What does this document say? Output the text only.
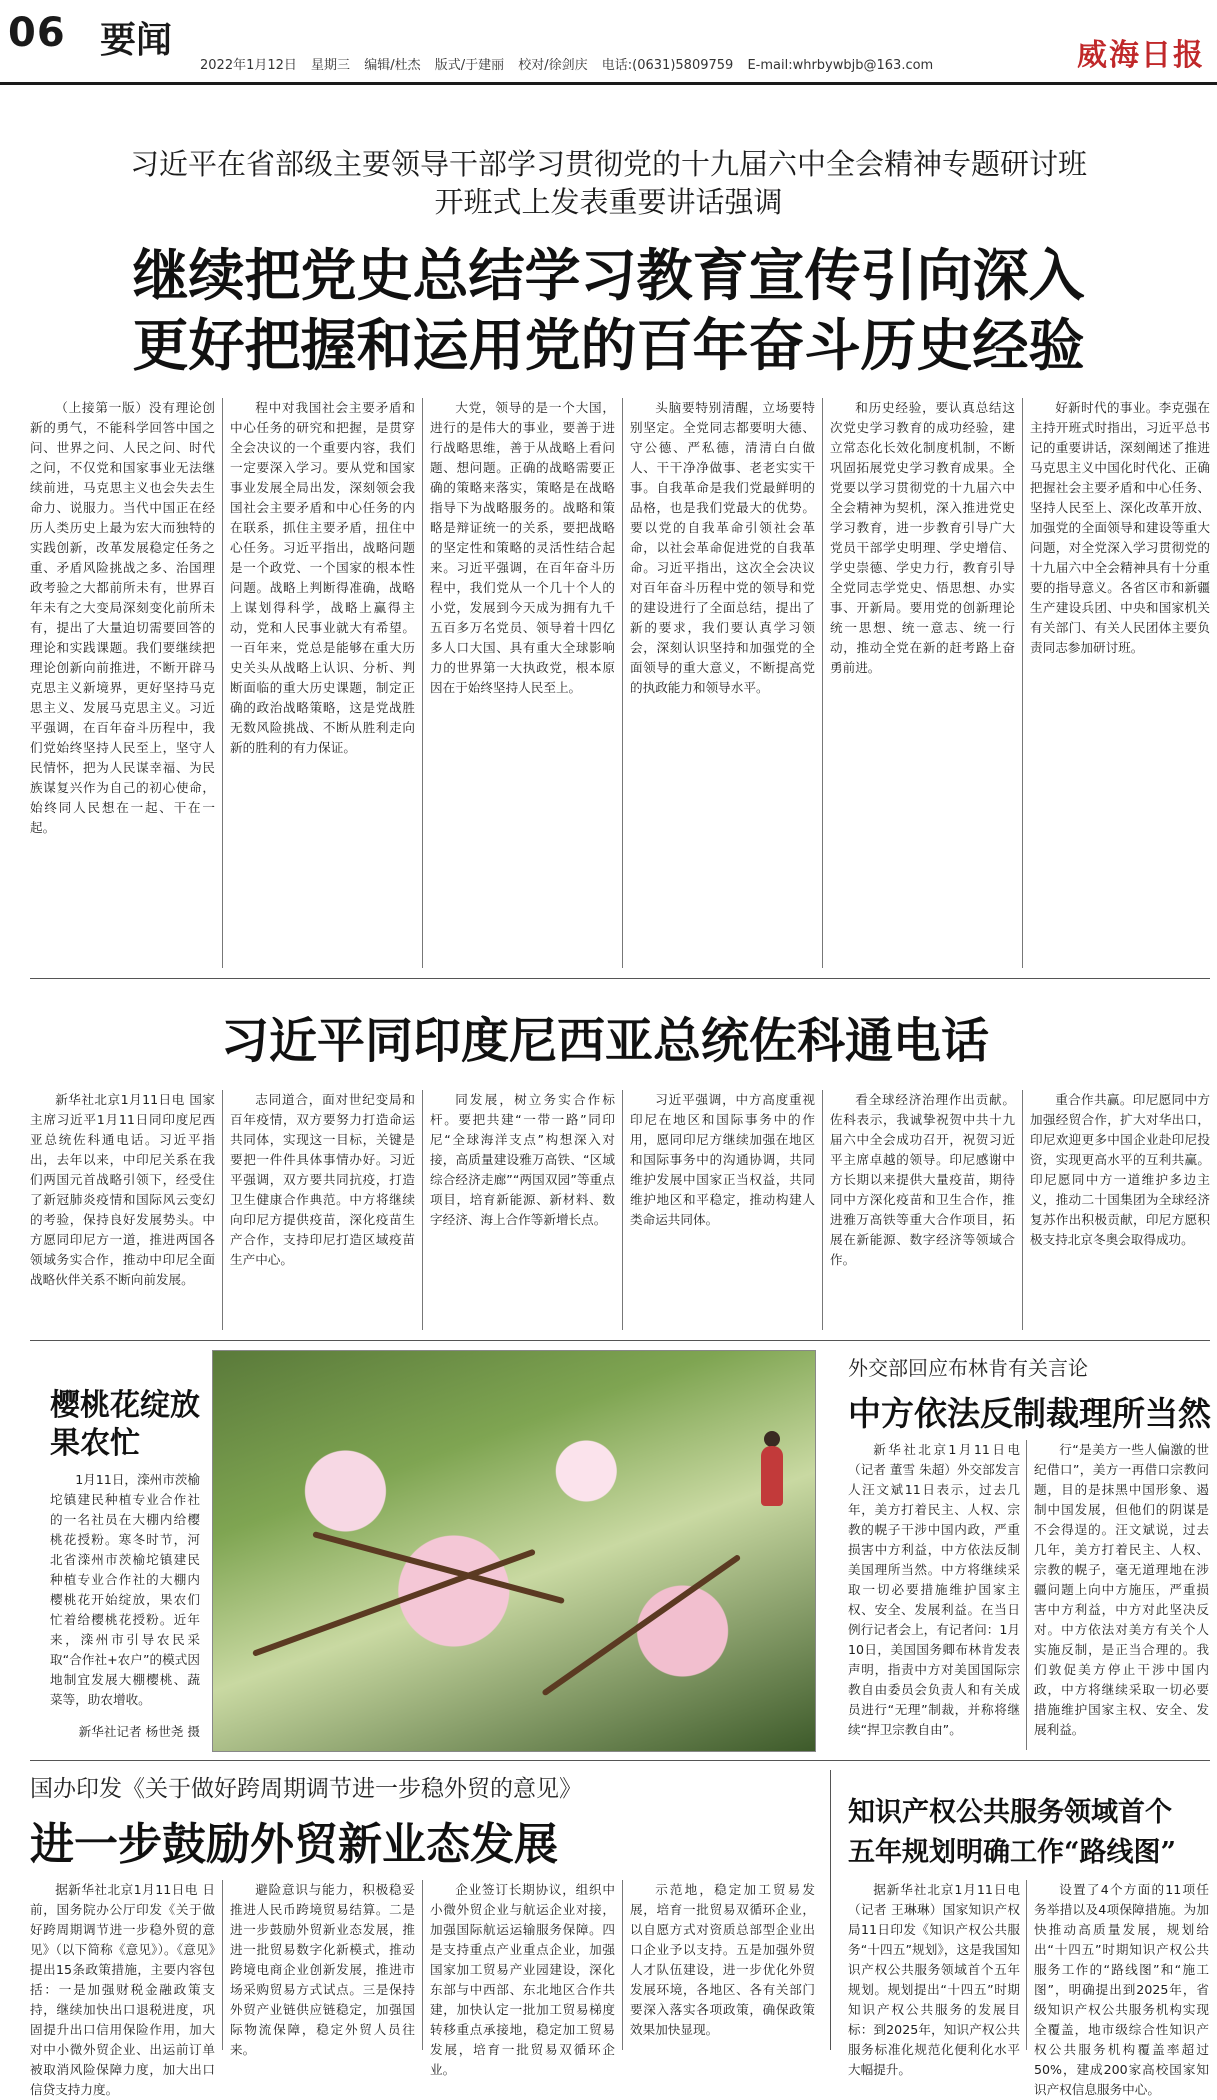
06 要闻
2022年1月12日 星期三 编辑/杜杰 版式/于建丽 校对/徐剑庆 电话:(0631)5809759 E-mail:whrbywbjb@163.com	威海日报
习近平在省部级主要领导干部学习贯彻党的十九届六中全会精神专题研讨班
开班式上发表重要讲话强调
继续把党史总结学习教育宣传引向深入
更好把握和运用党的百年奋斗历史经验

（上接第一版）没有理论创新的勇气，不能科学回答中国之问、世界之问、人民之问、时代之问，不仅党和国家事业无法继续前进，马克思主义也会失去生命力、说服力。当代中国正在经历人类历史上最为宏大而独特的实践创新，改革发展稳定任务之重、矛盾风险挑战之多、治国理政考验之大都前所未有，世界百年未有之大变局深刻变化前所未有，提出了大量迫切需要回答的理论和实践课题。我们要继续把理论创新向前推进，不断开辟马克思主义新境界，更好坚持马克思主义、发展马克思主义。习近平强调，在百年奋斗历程中，我们党始终坚持人民至上，坚守人民情怀，把为人民谋幸福、为民族谋复兴作为自己的初心使命，始终同人民想在一起、干在一起。

程中对我国社会主要矛盾和中心任务的研究和把握，是贯穿全会决议的一个重要内容，我们一定要深入学习。要从党和国家事业发展全局出发，深刻领会我国社会主要矛盾和中心任务的内在联系，抓住主要矛盾，扭住中心任务。习近平指出，战略问题是一个政党、一个国家的根本性问题。战略上判断得准确，战略上谋划得科学，战略上赢得主动，党和人民事业就大有希望。一百年来，党总是能够在重大历史关头从战略上认识、分析、判断面临的重大历史课题，制定正确的政治战略策略，这是党战胜无数风险挑战、不断从胜利走向新的胜利的有力保证。

大党，领导的是一个大国，进行的是伟大的事业，要善于进行战略思维，善于从战略上看问题、想问题。正确的战略需要正确的策略来落实，策略是在战略指导下为战略服务的。战略和策略是辩证统一的关系，要把战略的坚定性和策略的灵活性结合起来。习近平强调，在百年奋斗历程中，我们党从一个几十个人的小党，发展到今天成为拥有九千五百多万名党员、领导着十四亿多人口大国、具有重大全球影响力的世界第一大执政党，根本原因在于始终坚持人民至上。

头脑要特别清醒，立场要特别坚定。全党同志都要明大德、守公德、严私德，清清白白做人、干干净净做事、老老实实干事。自我革命是我们党最鲜明的品格，也是我们党最大的优势。要以党的自我革命引领社会革命，以社会革命促进党的自我革命。习近平指出，这次全会决议对百年奋斗历程中党的领导和党的建设进行了全面总结，提出了新的要求，我们要认真学习领会，深刻认识坚持和加强党的全面领导的重大意义，不断提高党的执政能力和领导水平。

和历史经验，要认真总结这次党史学习教育的成功经验，建立常态化长效化制度机制，不断巩固拓展党史学习教育成果。全党要以学习贯彻党的十九届六中全会精神为契机，深入推进党史学习教育，进一步教育引导广大党员干部学史明理、学史增信、学史崇德、学史力行，教育引导全党同志学党史、悟思想、办实事、开新局。要用党的创新理论统一思想、统一意志、统一行动，推动全党在新的赶考路上奋勇前进。

好新时代的事业。李克强在主持开班式时指出，习近平总书记的重要讲话，深刻阐述了推进马克思主义中国化时代化、正确把握社会主要矛盾和中心任务、坚持人民至上、深化改革开放、加强党的全面领导和建设等重大问题，对全党深入学习贯彻党的十九届六中全会精神具有十分重要的指导意义。各省区市和新疆生产建设兵团、中央和国家机关有关部门、有关人民团体主要负责同志参加研讨班。

习近平同印度尼西亚总统佐科通电话

新华社北京1月11日电 国家主席习近平1月11日同印度尼西亚总统佐科通电话。习近平指出，去年以来，中印尼关系在我们两国元首战略引领下，经受住了新冠肺炎疫情和国际风云变幻的考验，保持良好发展势头。中方愿同印尼方一道，推进两国各领域务实合作，推动中印尼全面战略伙伴关系不断向前发展。

志同道合，面对世纪变局和百年疫情，双方要努力打造命运共同体，实现这一目标，关键是要把一件件具体事情办好。习近平强调，双方要共同抗疫，打造卫生健康合作典范。中方将继续向印尼方提供疫苗，深化疫苗生产合作，支持印尼打造区域疫苗生产中心。

同发展，树立务实合作标杆。要把共建“一带一路”同印尼“全球海洋支点”构想深入对接，高质量建设雅万高铁、“区域综合经济走廊”“两国双园”等重点项目，培育新能源、新材料、数字经济、海上合作等新增长点。

习近平强调，中方高度重视印尼在地区和国际事务中的作用，愿同印尼方继续加强在地区和国际事务中的沟通协调，共同维护发展中国家正当权益，共同维护地区和平稳定，推动构建人类命运共同体。

看全球经济治理作出贡献。佐科表示，我诚挚祝贺中共十九届六中全会成功召开，祝贺习近平主席卓越的领导。印尼感谢中方长期以来提供大量疫苗，期待同中方深化疫苗和卫生合作，推进雅万高铁等重大合作项目，拓展在新能源、数字经济等领域合作。

重合作共赢。印尼愿同中方加强经贸合作，扩大对华出口，印尼欢迎更多中国企业赴印尼投资，实现更高水平的互利共赢。印尼愿同中方一道维护多边主义，推动二十国集团为全球经济复苏作出积极贡献，印尼方愿积极支持北京冬奥会取得成功。

樱桃花绽放
果农忙

1月11日，滦州市茨榆坨镇建民种植专业合作社的一名社员在大棚内给樱桃花授粉。寒冬时节，河北省滦州市茨榆坨镇建民种植专业合作社的大棚内樱桃花开始绽放，果农们忙着给樱桃花授粉。近年来，滦州市引导农民采取“合作社+农户”的模式因地制宜发展大棚樱桃、蔬菜等，助农增收。

新华社记者 杨世尧 摄
外交部回应布林肯有关言论
中方依法反制裁理所当然

新华社北京1月11日电（记者 董雪 朱超）外交部发言人汪文斌11日表示，过去几年，美方打着民主、人权、宗教的幌子干涉中国内政，严重损害中方利益，中方依法反制美国理所当然。中方将继续采取一切必要措施维护国家主权、安全、发展利益。在当日例行记者会上，有记者问：1月10日，美国国务卿布林肯发表声明，指责中方对美国国际宗教自由委员会负责人和有关成员进行“无理”制裁，并称将继续“捍卫宗教自由”。

行“是美方一些人偏激的世纪借口”，美方一再借口宗教问题，目的是抹黑中国形象、遏制中国发展，但他们的阴谋是不会得逞的。汪文斌说，过去几年，美方打着民主、人权、宗教的幌子，毫无道理地在涉疆问题上向中方施压，严重损害中方利益，中方对此坚决反对。中方依法对美方有关个人实施反制，是正当合理的。我们敦促美方停止干涉中国内政，中方将继续采取一切必要措施维护国家主权、安全、发展利益。

国办印发《关于做好跨周期调节进一步稳外贸的意见》
进一步鼓励外贸新业态发展

据新华社北京1月11日电 日前，国务院办公厅印发《关于做好跨周期调节进一步稳外贸的意见》（以下简称《意见》）。《意见》提出15条政策措施，主要内容包括：一是加强财税金融政策支持，继续加快出口退税进度，巩固提升出口信用保险作用，加大对中小微外贸企业、出运前订单被取消风险保障力度，加大出口信贷支持力度。

避险意识与能力，积极稳妥推进人民币跨境贸易结算。二是进一步鼓励外贸新业态发展，推进一批贸易数字化新模式，推动跨境电商企业创新发展，推进市场采购贸易方式试点。三是保持外贸产业链供应链稳定，加强国际物流保障，稳定外贸人员往来。

企业签订长期协议，组织中小微外贸企业与航运企业对接，加强国际航运运输服务保障。四是支持重点产业重点企业，加强国家加工贸易产业园建设，深化东部与中西部、东北地区合作共建，加快认定一批加工贸易梯度转移重点承接地，稳定加工贸易发展，培育一批贸易双循环企业。

示范地，稳定加工贸易发展，培育一批贸易双循环企业，以自愿方式对资质总部型企业出口企业予以支持。五是加强外贸人才队伍建设，进一步优化外贸发展环境，各地区、各有关部门要深入落实各项政策，确保政策效果加快显现。

知识产权公共服务领域首个
五年规划明确工作“路线图”

据新华社北京1月11日电（记者 王琳琳）国家知识产权局11日印发《知识产权公共服务“十四五”规划》，这是我国知识产权公共服务领域首个五年规划。规划提出“十四五”时期知识产权公共服务的发展目标：到2025年，知识产权公共服务标准化规范化便利化水平大幅提升。

设置了4个方面的11项任务举措以及4项保障措施。为加快推动高质量发展，规划给出“十四五”时期知识产权公共服务工作的“路线图”和“施工图”，明确提出到2025年，省级知识产权公共服务机构实现全覆盖，地市级综合性知识产权公共服务机构覆盖率超过50%，建成200家高校国家知识产权信息服务中心。
